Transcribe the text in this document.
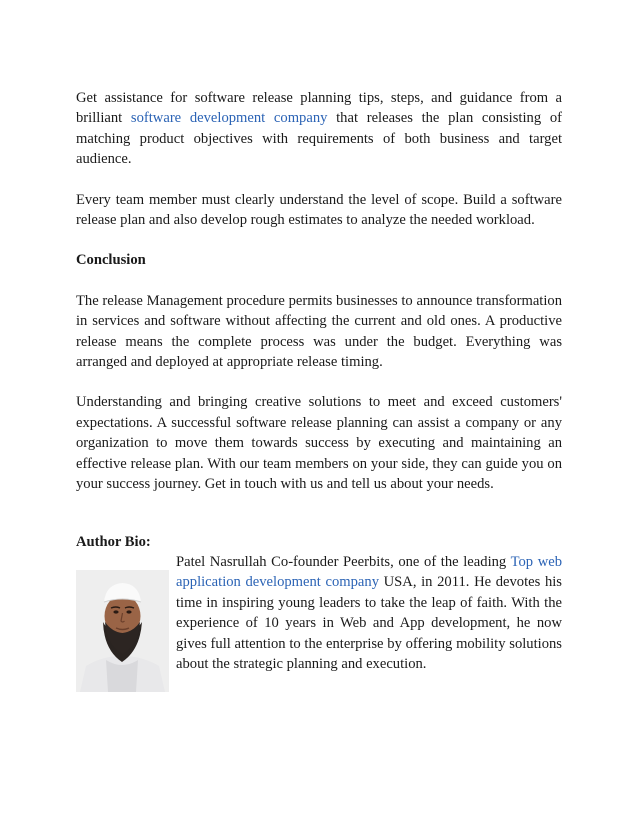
Get assistance for software release planning tips, steps, and guidance from a brilliant software development company that releases the plan consisting of matching product objectives with requirements of both business and target audience.

Every team member must clearly understand the level of scope. Build a software release plan and also develop rough estimates to analyze the needed workload.

Conclusion

The release Management procedure permits businesses to announce transformation in services and software without affecting the current and old ones. A productive release means the complete process was under the budget. Everything was arranged and deployed at appropriate release timing.

Understanding and bringing creative solutions to meet and exceed customers' expectations. A successful software release planning can assist a company or any organization to move them towards success by executing and maintaining an effective release plan. With our team members on your side, they can guide you on your success journey. Get in touch with us and tell us about your needs.

Author Bio:

Patel Nasrullah Co-founder Peerbits, one of the leading Top web application development company USA, in 2011. He devotes his time in inspiring young leaders to take the leap of faith. With the experience of 10 years in Web and App development, he now gives full attention to the enterprise by offering mobility solutions about the strategic planning and execution.
